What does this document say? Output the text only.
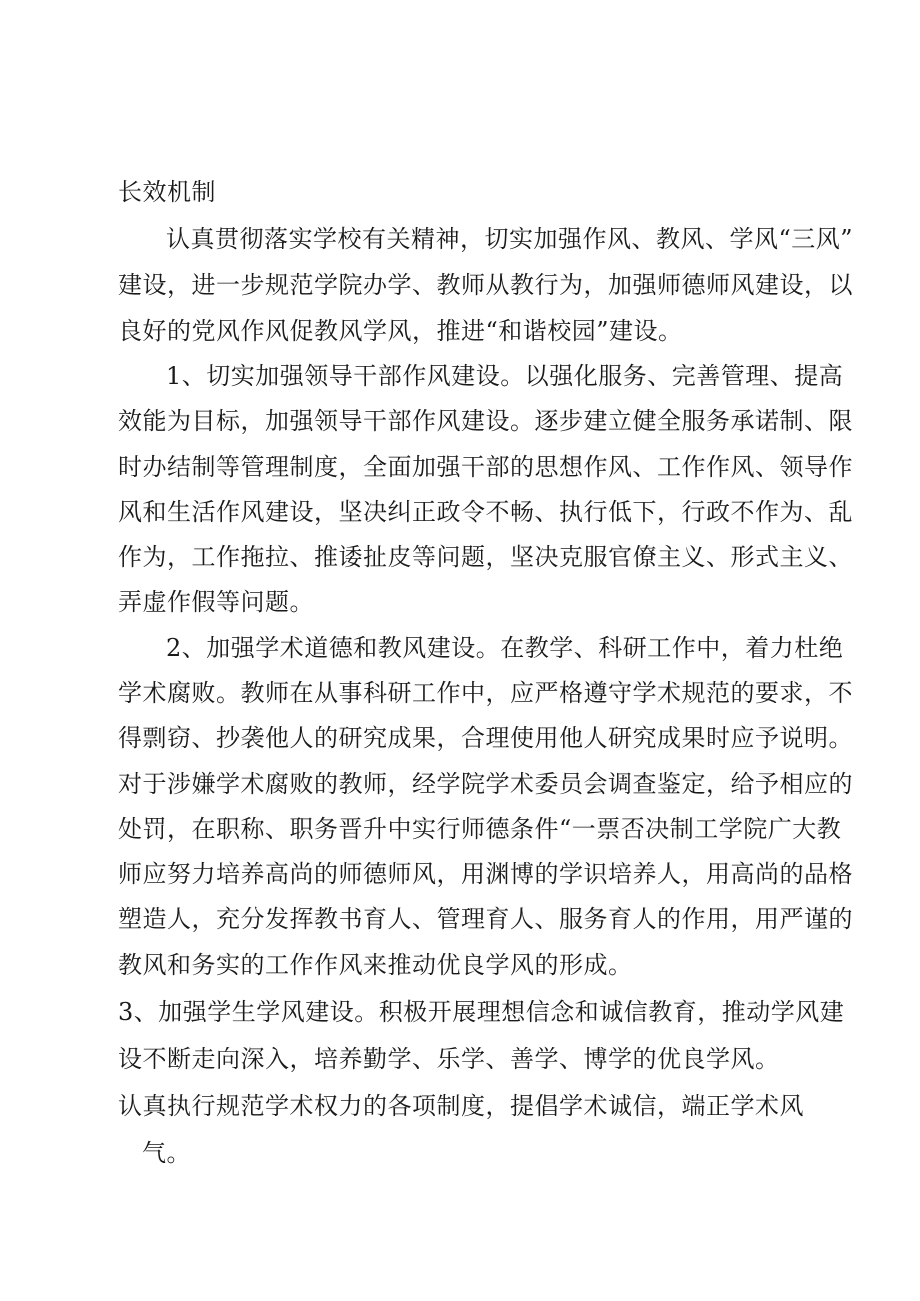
长效机制
认真贯彻落实学校有关精神，切实加强作风、教风、学风“三风”
建设，进一步规范学院办学、教师从教行为，加强师德师风建设，以
良好的党风作风促教风学风，推进“和谐校园”建设。
1、切实加强领导干部作风建设。以强化服务、完善管理、提高
效能为目标，加强领导干部作风建设。逐步建立健全服务承诺制、限
时办结制等管理制度，全面加强干部的思想作风、工作作风、领导作
风和生活作风建设，坚决纠正政令不畅、执行低下，行政不作为、乱
作为，工作拖拉、推诿扯皮等问题，坚决克服官僚主义、形式主义、
弄虚作假等问题。
2、加强学术道德和教风建设。在教学、科研工作中，着力杜绝
学术腐败。教师在从事科研工作中，应严格遵守学术规范的要求，不
得剽窃、抄袭他人的研究成果，合理使用他人研究成果时应予说明。
对于涉嫌学术腐败的教师，经学院学术委员会调查鉴定，给予相应的
处罚，在职称、职务晋升中实行师德条件“一票否决制工学院广大教
师应努力培养高尚的师德师风，用渊博的学识培养人，用高尚的品格
塑造人，充分发挥教书育人、管理育人、服务育人的作用，用严谨的
教风和务实的工作作风来推动优良学风的形成。
3、加强学生学风建设。积极开展理想信念和诚信教育，推动学风建
设不断走向深入，培养勤学、乐学、善学、博学的优良学风。
认真执行规范学术权力的各项制度，提倡学术诚信，端正学术风
气。
